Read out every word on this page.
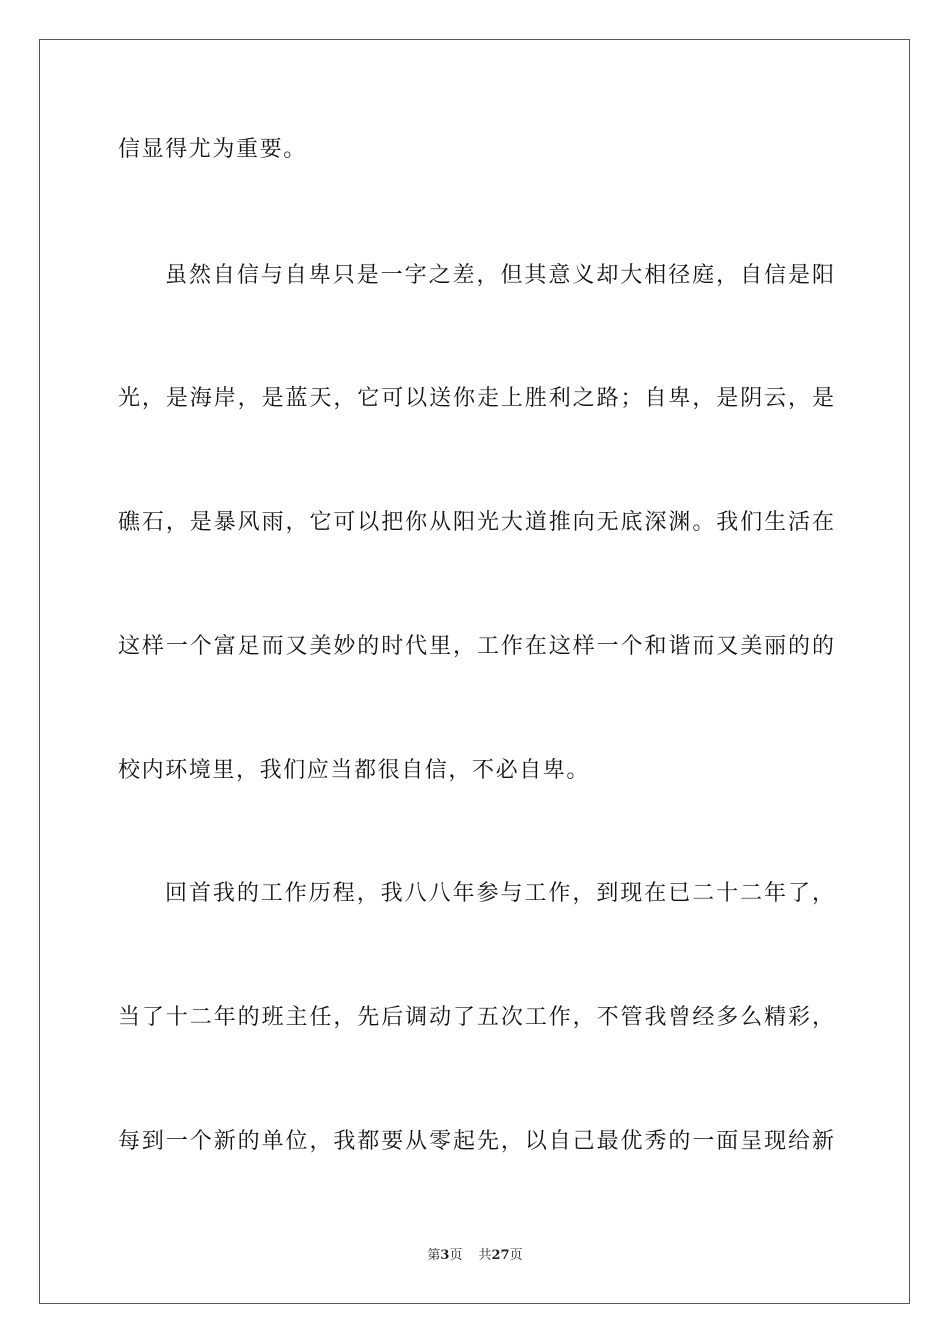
信显得尤为重要。
虽然自信与自卑只是一字之差，但其意义却大相径庭，自信是阳
光，是海岸，是蓝天，它可以送你走上胜利之路；自卑，是阴云，是
礁石，是暴风雨，它可以把你从阳光大道推向无底深渊。我们生活在
这样一个富足而又美妙的时代里，工作在这样一个和谐而又美丽的的
校内环境里，我们应当都很自信，不必自卑。
回首我的工作历程，我八八年参与工作，到现在已二十二年了，
当了十二年的班主任，先后调动了五次工作，不管我曾经多么精彩，
每到一个新的单位，我都要从零起先，以自己最优秀的一面呈现给新
第3页 共27页
